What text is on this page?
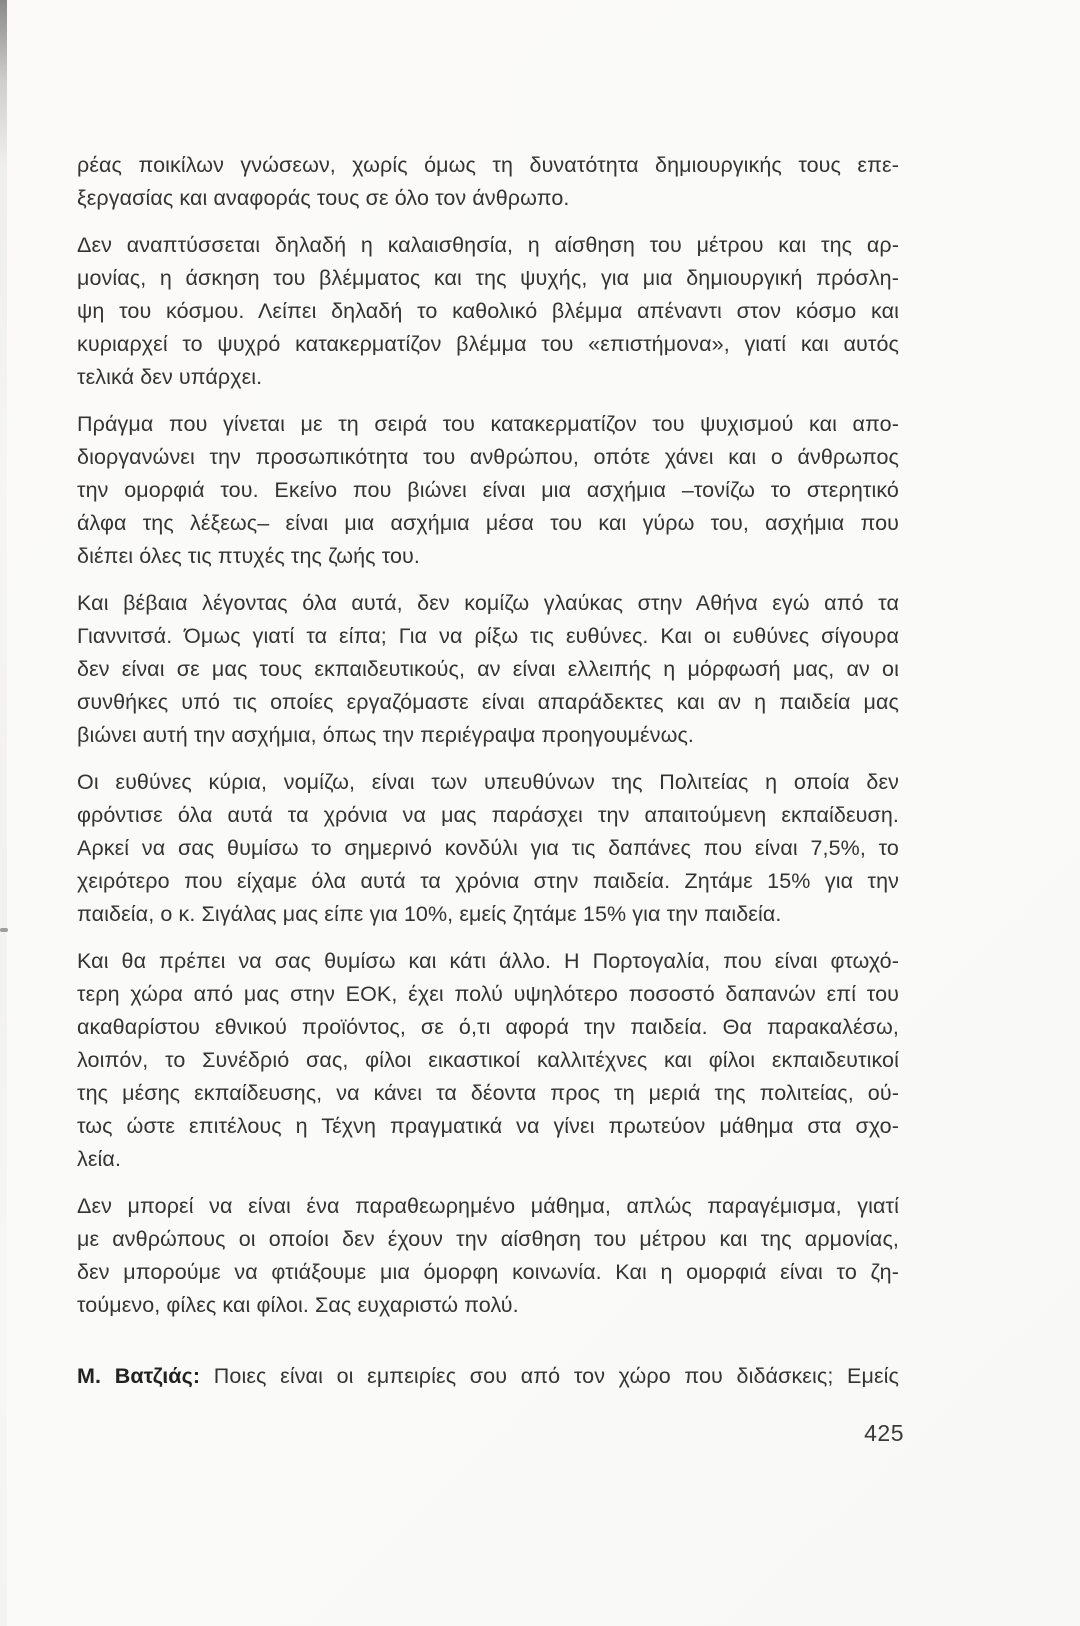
ρέας ποικίλων γνώσεων, χωρίς όμως τη δυνατότητα δημιουργικής τους επε-
ξεργασίας και αναφοράς τους σε όλο τον άνθρωπο.
Δεν αναπτύσσεται δηλαδή η καλαισθησία, η αίσθηση του μέτρου και της αρ-
μονίας, η άσκηση του βλέμματος και της ψυχής, για μια δημιουργική πρόσλη-
ψη του κόσμου. Λείπει δηλαδή το καθολικό βλέμμα απέναντι στον κόσμο και
κυριαρχεί το ψυχρό κατακερματίζον βλέμμα του «επιστήμονα», γιατί και αυτός
τελικά δεν υπάρχει.
Πράγμα που γίνεται με τη σειρά του κατακερματίζον του ψυχισμού και απο-
διοργανώνει την προσωπικότητα του ανθρώπου, οπότε χάνει και ο άνθρωπος
την ομορφιά του. Εκείνο που βιώνει είναι μια ασχήμια –τονίζω το στερητικό
άλφα της λέξεως– είναι μια ασχήμια μέσα του και γύρω του, ασχήμια που
διέπει όλες τις πτυχές της ζωής του.
Και βέβαια λέγοντας όλα αυτά, δεν κομίζω γλαύκας στην Αθήνα εγώ από τα
Γιαννιτσά. Όμως γιατί τα είπα; Για να ρίξω τις ευθύνες. Και οι ευθύνες σίγουρα
δεν είναι σε μας τους εκπαιδευτικούς, αν είναι ελλειπής η μόρφωσή μας, αν οι
συνθήκες υπό τις οποίες εργαζόμαστε είναι απαράδεκτες και αν η παιδεία μας
βιώνει αυτή την ασχήμια, όπως την περιέγραψα προηγουμένως.
Οι ευθύνες κύρια, νομίζω, είναι των υπευθύνων της Πολιτείας η οποία δεν
φρόντισε όλα αυτά τα χρόνια να μας παράσχει την απαιτούμενη εκπαίδευση.
Αρκεί να σας θυμίσω το σημερινό κονδύλι για τις δαπάνες που είναι 7,5%, το
χειρότερο που είχαμε όλα αυτά τα χρόνια στην παιδεία. Ζητάμε 15% για την
παιδεία, ο κ. Σιγάλας μας είπε για 10%, εμείς ζητάμε 15% για την παιδεία.
Και θα πρέπει να σας θυμίσω και κάτι άλλο. Η Πορτογαλία, που είναι φτωχό-
τερη χώρα από μας στην ΕΟΚ, έχει πολύ υψηλότερο ποσοστό δαπανών επί του
ακαθαρίστου εθνικού προϊόντος, σε ό,τι αφορά την παιδεία. Θα παρακαλέσω,
λοιπόν, το Συνέδριό σας, φίλοι εικαστικοί καλλιτέχνες και φίλοι εκπαιδευτικοί
της μέσης εκπαίδευσης, να κάνει τα δέοντα προς τη μεριά της πολιτείας, ού-
τως ώστε επιτέλους η Τέχνη πραγματικά να γίνει πρωτεύον μάθημα στα σχο-
λεία.
Δεν μπορεί να είναι ένα παραθεωρημένο μάθημα, απλώς παραγέμισμα, γιατί
με ανθρώπους οι οποίοι δεν έχουν την αίσθηση του μέτρου και της αρμονίας,
δεν μπορούμε να φτιάξουμε μια όμορφη κοινωνία. Και η ομορφιά είναι το ζη-
τούμενο, φίλες και φίλοι. Σας ευχαριστώ πολύ.
Μ. Βατζιάς: Ποιες είναι οι εμπειρίες σου από τον χώρο που διδάσκεις; Εμείς
425
